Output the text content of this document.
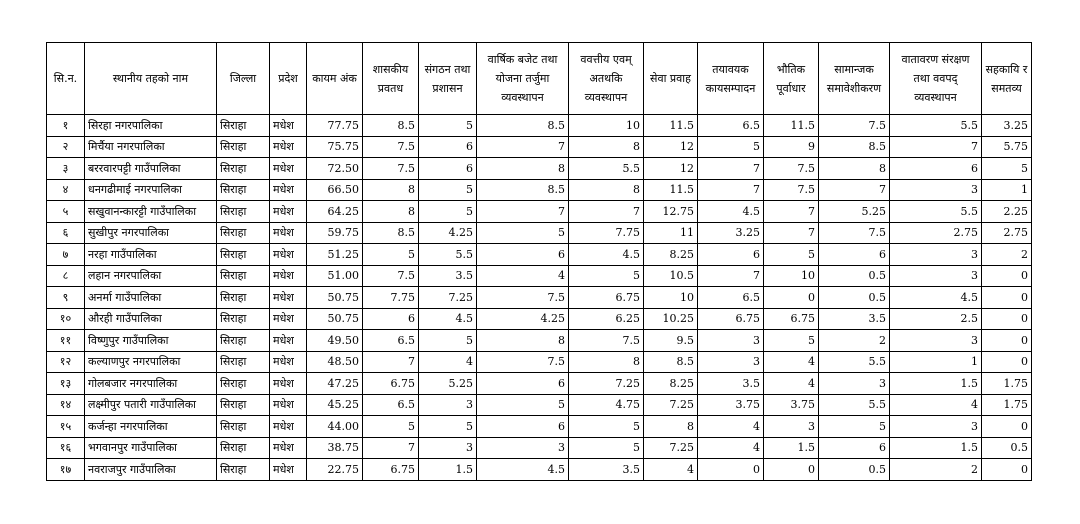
सि.न.	स्थानीय तहको नाम	जिल्ला	प्रदेश	कायम अंक	शासकीय प्रवतध	संगठन तथा प्रशासन	वार्षिक बजेट तथा योजना तर्जुमा व्यवस्थापन	ववत्तीय एवम् अतथकि व्यवस्थापन	सेवा प्रवाह	तयावयक कायसम्पादन	भौतिक पूर्वाधार	सामान्जक समावेशीकरण	वातावरण संरक्षण तथा ववपद् व्यवस्थापन	सहकायि र समतव्य
१	सिरहा नगरपालिका	सिराहा	मधेश	77.75	8.5	5	8.5	10	11.5	6.5	11.5	7.5	5.5	3.25
२	मिर्चैया नगरपालिका	सिराहा	मधेश	75.75	7.5	6	7	8	12	5	9	8.5	7	5.75
३	बररवारपट्टी गाउँपालिका	सिराहा	मधेश	72.50	7.5	6	8	5.5	12	7	7.5	8	6	5
४	धनगढीमाई नगरपालिका	सिराहा	मधेश	66.50	8	5	8.5	8	11.5	7	7.5	7	3	1
५	सखुवानन्कारट्टी गाउँपालिका	सिराहा	मधेश	64.25	8	5	7	7	12.75	4.5	7	5.25	5.5	2.25
६	सुखीपुर नगरपालिका	सिराहा	मधेश	59.75	8.5	4.25	5	7.75	11	3.25	7	7.5	2.75	2.75
७	नरहा गाउँपालिका	सिराहा	मधेश	51.25	5	5.5	6	4.5	8.25	6	5	6	3	2
८	लहान नगरपालिका	सिराहा	मधेश	51.00	7.5	3.5	4	5	10.5	7	10	0.5	3	0
९	अनर्मा गाउँपालिका	सिराहा	मधेश	50.75	7.75	7.25	7.5	6.75	10	6.5	0	0.5	4.5	0
१०	औरही गाउँपालिका	सिराहा	मधेश	50.75	6	4.5	4.25	6.25	10.25	6.75	6.75	3.5	2.5	0
११	विष्णुपुर गाउँपालिका	सिराहा	मधेश	49.50	6.5	5	8	7.5	9.5	3	5	2	3	0
१२	कल्याणपुर नगरपालिका	सिराहा	मधेश	48.50	7	4	7.5	8	8.5	3	4	5.5	1	0
१३	गोलबजार नगरपालिका	सिराहा	मधेश	47.25	6.75	5.25	6	7.25	8.25	3.5	4	3	1.5	1.75
१४	लक्ष्मीपुर पतारी गाउँपालिका	सिराहा	मधेश	45.25	6.5	3	5	4.75	7.25	3.75	3.75	5.5	4	1.75
१५	कर्जन्हा नगरपालिका	सिराहा	मधेश	44.00	5	5	6	5	8	4	3	5	3	0
१६	भगवानपुर गाउँपालिका	सिराहा	मधेश	38.75	7	3	3	5	7.25	4	1.5	6	1.5	0.5
१७	नवराजपुर गाउँपालिका	सिराहा	मधेश	22.75	6.75	1.5	4.5	3.5	4	0	0	0.5	2	0
